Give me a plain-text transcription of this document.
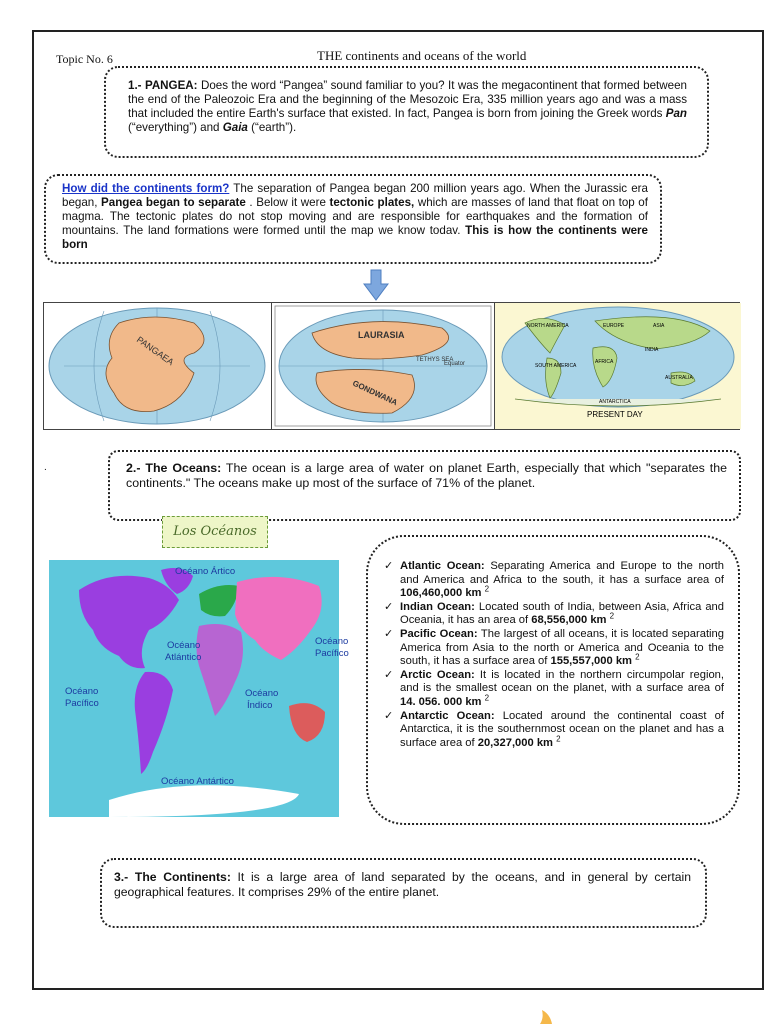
Topic No. 6	THE continents and oceans of the world

1.- PANGEA: Does the word “Pangea” sound familiar to you? It was the megacontinent that formed between the end of the Paleozoic Era and the beginning of the Mesozoic Era, 335 million years ago and was a mass that included the entire Earth's surface that existed. In fact, Pangea is born from joining the Greek words Pan (“everything”) and Gaia (“earth”).

How did the continents form? The separation of Pangea began 200 million years ago. When the Jurassic era began, Pangea began to separate . Below it were tectonic plates, which are masses of land that float on top of magma. The tectonic plates do not stop moving and are responsible for earthquakes and the formation of mountains. The land formations were formed until the map we know todav. This is how the continents were born

PANGAEA	LAURASIA
TETHYS SEA
Equator
GONDWANA
NORTH AMERICA	EUROPE	ASIA
AFRICA
SOUTH AMERICA
INDIA
AUSTRALIA
ANTARCTICA
PRESENT DAY
.	2.- The Oceans: The ocean is a large area of water on planet Earth, especially that which "separates the continents." The oceans make up most of the surface of 71% of the planet.

Los Océanos
Océano Ártico
Océano
Atlántico
Océano
Pacífico
Océano
Pacífico
Océano
Índico
Océano Antártico
✓ Atlantic Ocean: Separating America and Europe to the north and America and Africa to the south, it has a surface area of 106,460,000 km $^2$
✓ Indian Ocean: Located south of India, between Asia, Africa and Oceania, it has an area of 68,556,000 km $^2$
✓ Pacific Ocean: The largest of all oceans, it is located separating America from Asia to the north or America and Oceania to the south, it has a surface area of 155,557,000 km $^2$
✓ Arctic Ocean: It is located in the northern circumpolar region, and is the smallest ocean on the planet, with a surface area of 14. 056. 000 km $^2$
✓ Antarctic Ocean: Located around the continental coast of Antarctica, it is the southernmost ocean on the planet and has a surface area of 20,327,000 km $^2$

3.- The Continents: It is a large area of land separated by the oceans, and in general by certain geographical features. It comprises 29% of the entire planet.
